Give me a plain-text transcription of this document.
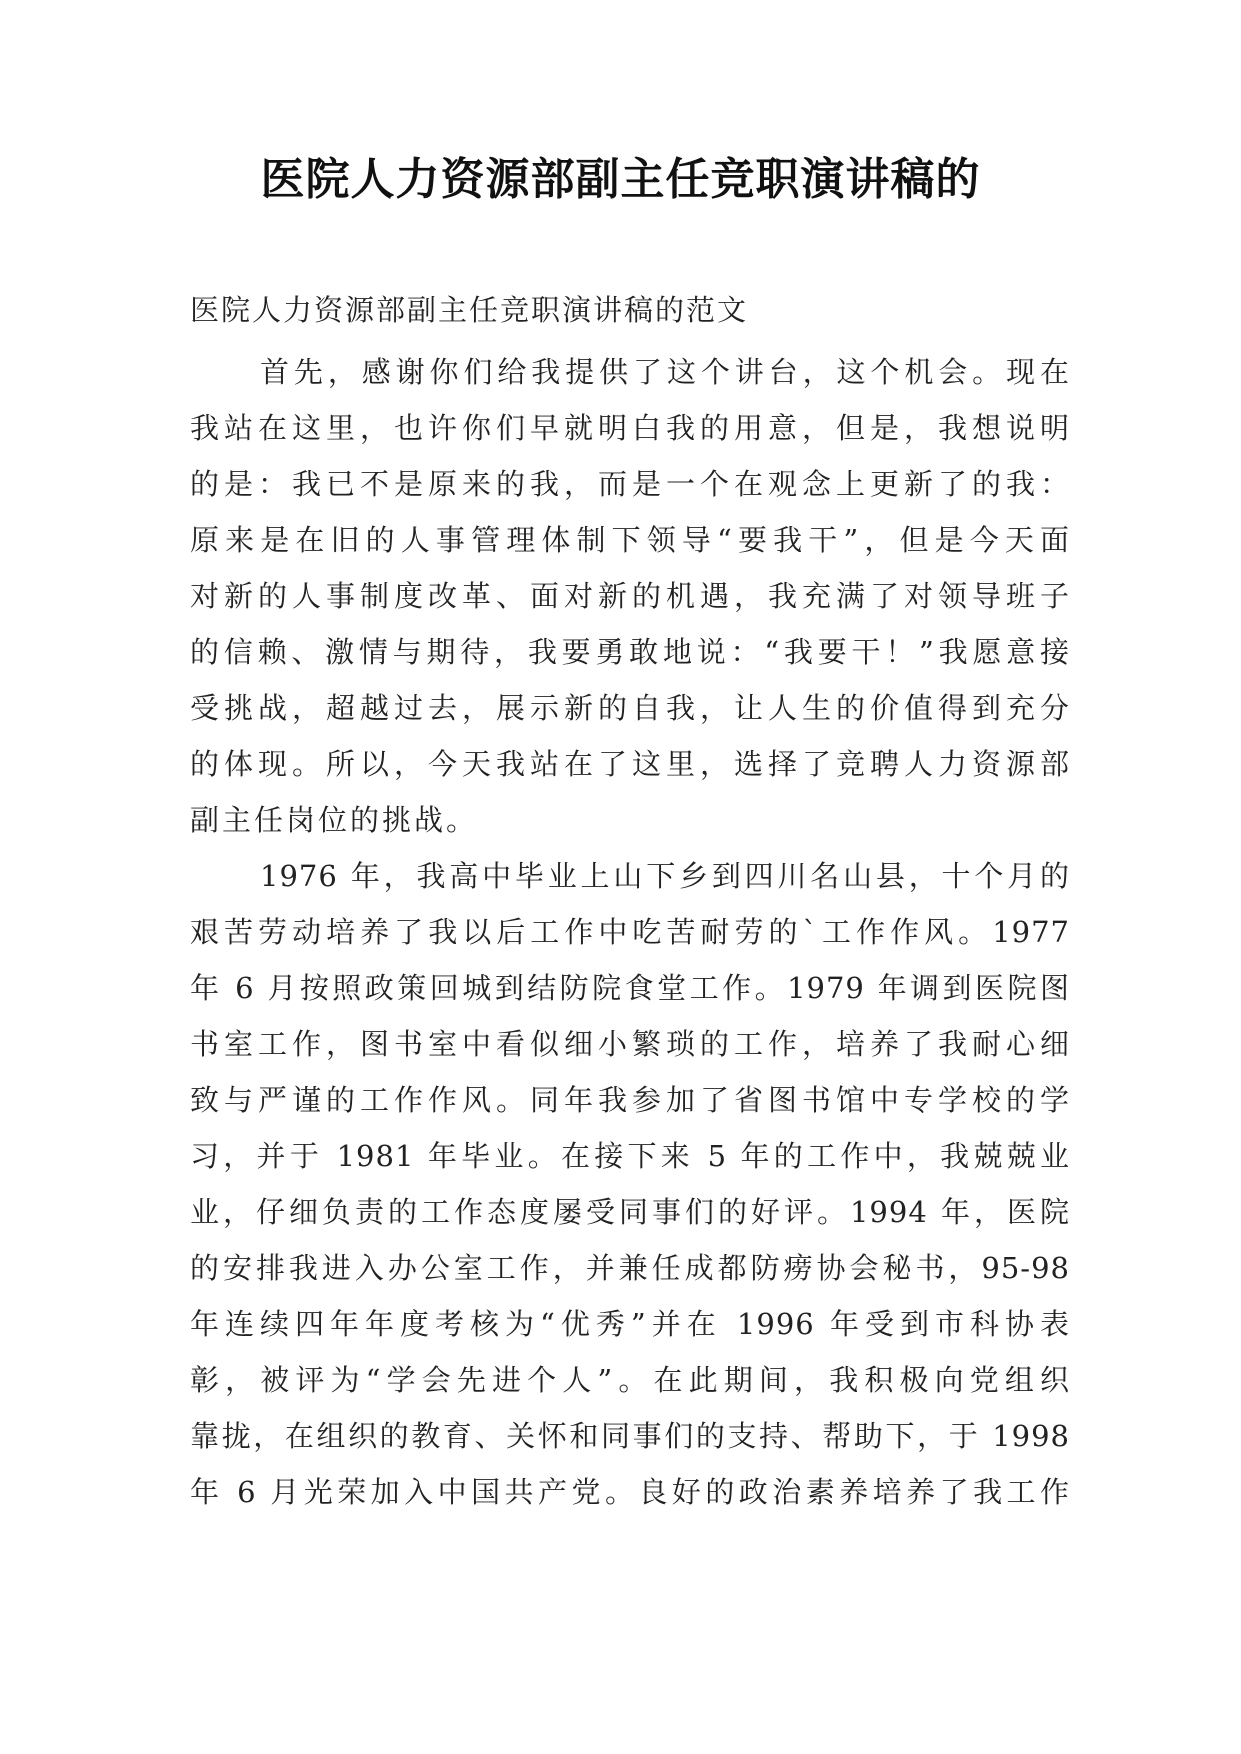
医院人力资源部副主任竞职演讲稿的
医院人力资源部副主任竞职演讲稿的范文
首先，感谢你们给我提供了这个讲台，这个机会。现在
我站在这里，也许你们早就明白我的用意，但是，我想说明
的是：我已不是原来的我，而是一个在观念上更新了的我：
原来是在旧的人事管理体制下领导“要我干”，但是今天面
对新的人事制度改革、面对新的机遇，我充满了对领导班子
的信赖、激情与期待，我要勇敢地说：“我要干！”我愿意接
受挑战，超越过去，展示新的自我，让人生的价值得到充分
的体现。所以，今天我站在了这里，选择了竞聘人力资源部
副主任岗位的挑战。
1976 年，我高中毕业上山下乡到四川名山县，十个月的
艰苦劳动培养了我以后工作中吃苦耐劳的`工作作风。1977
年 6 月按照政策回城到结防院食堂工作。1979 年调到医院图
书室工作，图书室中看似细小繁琐的工作，培养了我耐心细
致与严谨的工作作风。同年我参加了省图书馆中专学校的学
习，并于 1981 年毕业。在接下来 5 年的工作中，我兢兢业
业，仔细负责的工作态度屡受同事们的好评。1994 年，医院
的安排我进入办公室工作，并兼任成都防痨协会秘书，95-98
年连续四年年度考核为“优秀”并在 1996 年受到市科协表
彰，被评为“学会先进个人”。在此期间，我积极向党组织
靠拢，在组织的教育、关怀和同事们的支持、帮助下，于 1998
年 6 月光荣加入中国共产党。良好的政治素养培养了我工作
